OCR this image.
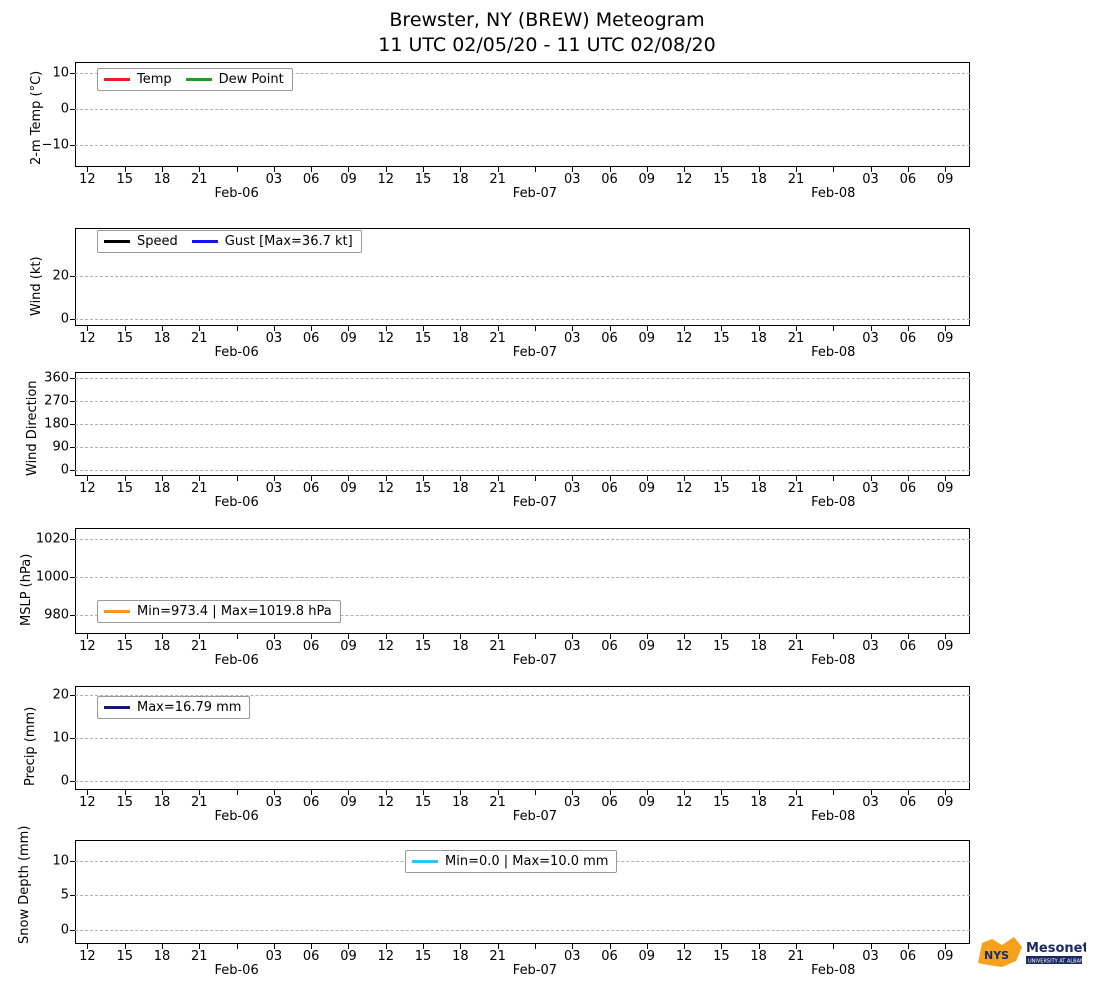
Brewster, NY (BREW) Meteogram
11 UTC 02/05/20 - 11 UTC 02/08/20
2-m Temp (°C)	Temp	Dew Point
−10
0
10
12 15 18 21
Feb-06
03 06 09 12 15 18 21
Feb-07
03 06 09 12 15 18 21
Feb-08
03 06 09
Wind (kt)
Speed	Gust [Max=36.7 kt]
0
20
12 15 18 21
Feb-06
03 06 09 12 15 18 21
Feb-07
03 06 09 12 15 18 21
Feb-08
03 06 09
Wind Direction 0
90
180
270
360
12 15 18 21
Feb-06
03 06 09 12 15 18 21
Feb-07
03 06 09 12 15 18 21
Feb-08
03 06 09
MSLP (hPa)	Min=973.4 | Max=1019.8 hPa
980
1000
1020
12 15 18 21
Feb-06
03 06 09 12 15 18 21
Feb-07
03 06 09 12 15 18 21
Feb-08
03 06 09
Precip (mm)	Max=16.79 mm
0
10
20
12 15 18 21
Feb-06
03 06 09 12 15 18 21
Feb-07
03 06 09 12 15 18 21
Feb-08
03 06 09
Snow Depth (mm)	Min=0.0 | Max=10.0 mm
0
5
10
12 15 18 21
Feb-06
03 06 09 12 15 18 21
Feb-07
03 06 09 12 15 18 21
Feb-08
03 06 09	NYS Mesonet
UNIVERSITY AT ALBANY
